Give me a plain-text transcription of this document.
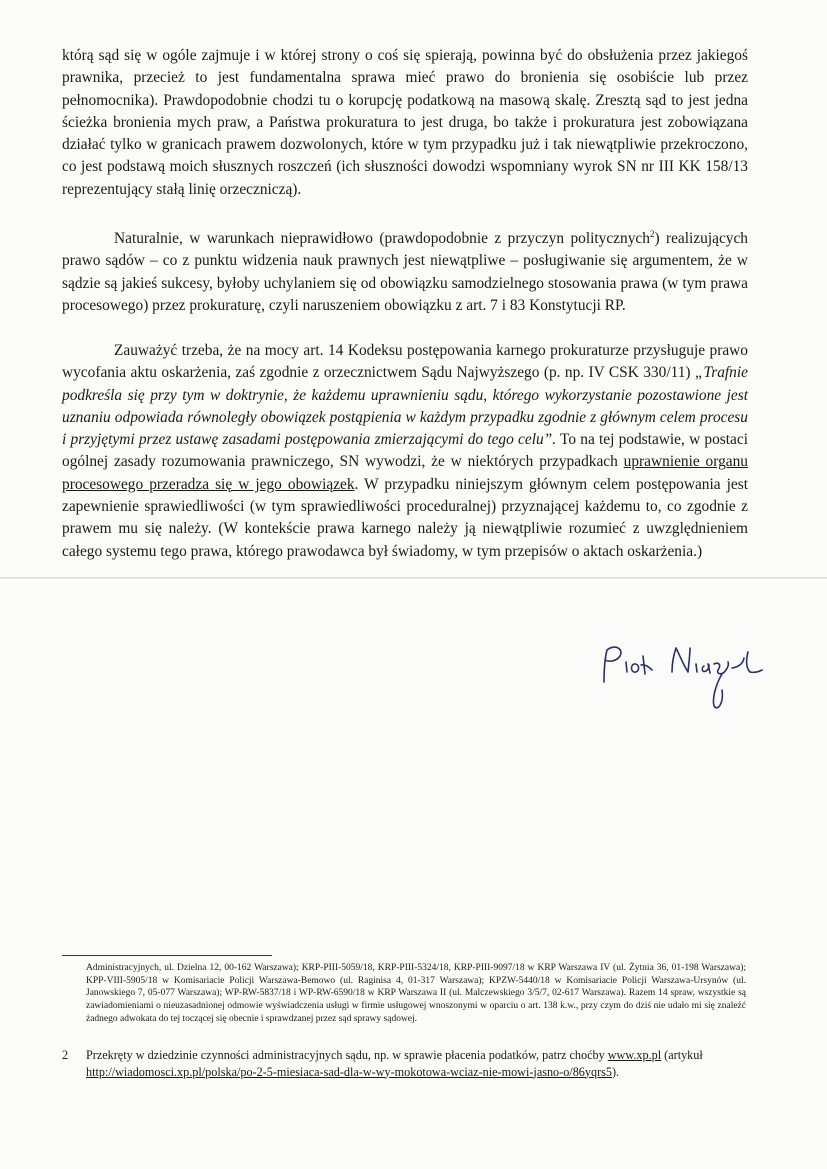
którą sąd się w ogóle zajmuje i w której strony o coś się spierają, powinna być do obsłużenia przez jakiegoś prawnika, przecież to jest fundamentalna sprawa mieć prawo do bronienia się osobiście lub przez pełnomocnika). Prawdopodobnie chodzi tu o korupcję podatkową na masową skalę. Zresztą sąd to jest jedna ścieżka bronienia mych praw, a Państwa prokuratura to jest druga, bo także i prokuratura jest zobowiązana działać tylko w granicach prawem dozwolonych, które w tym przypadku już i tak niewątpliwie przekroczono, co jest podstawą moich słusznych roszczeń (ich słuszności dowodzi wspomniany wyrok SN nr III KK 158/13 reprezentujący stałą linię orzeczniczą).

Naturalnie, w warunkach nieprawidłowo (prawdopodobnie z przyczyn politycznych$^2$) realizujących prawo sądów – co z punktu widzenia nauk prawnych jest niewątpliwe – posługiwanie się argumentem, że w sądzie są jakieś sukcesy, byłoby uchylaniem się od obowiązku samodzielnego stosowania prawa (w tym prawa procesowego) przez prokuraturę, czyli naruszeniem obowiązku z art. 7 i 83 Konstytucji RP.

Zauważyć trzeba, że na mocy art. 14 Kodeksu postępowania karnego prokuraturze przysługuje prawo wycofania aktu oskarżenia, zaś zgodnie z orzecznictwem Sądu Najwyższego (p. np. IV CSK 330/11) „Trafnie podkreśla się przy tym w doktrynie, że każdemu uprawnieniu sądu, którego wykorzystanie pozostawione jest uznaniu odpowiada równoległy obowiązek postąpienia w każdym przypadku zgodnie z głównym celem procesu i przyjętymi przez ustawę zasadami postępowania zmierzającymi do tego celu”. To na tej podstawie, w postaci ogólnej zasady rozumowania prawniczego, SN wywodzi, że w niektórych przypadkach uprawnienie organu procesowego przeradza się w jego obowiązek. W przypadku niniejszym głównym celem postępowania jest zapewnienie sprawiedliwości (w tym sprawiedliwości proceduralnej) przyznającej każdemu to, co zgodnie z prawem mu się należy. (W kontekście prawa karnego należy ją niewątpliwie rozumieć z uwzględnieniem całego systemu tego prawa, którego prawodawca był świadomy, w tym przepisów o aktach oskarżenia.)

Administracyjnych, ul. Dzielna 12, 00-162 Warszawa); KRP-PIII-5059/18, KRP-PIII-5324/18, KRP-PIII-9097/18 w KRP Warszawa IV (ul. Żytnia 36, 01-198 Warszawa); KPP-VIII-5905/18 w Komisariacie Policji Warszawa-Bemowo (ul. Raginisa 4, 01-317 Warszawa); KPZW-5440/18 w Komisariacie Policji Warszawa-Ursynów (ul. Janowskiego 7, 05-077 Warszawa); WP-RW-5837/18 i WP-RW-6590/18 w KRP Warszawa II (ul. Malczewskiego 3/5/7, 02-617 Warszawa). Razem 14 spraw, wszystkie są zawiadomieniami o nieuzasadnionej odmowie wyświadczenia usługi w firmie usługowej wnoszonymi w oparciu o art. 138 k.w., przy czym do dziś nie udało mi się znaleźć żadnego adwokata do tej toczącej się obecnie i sprawdzanej przez sąd sprawy sądowej.

2 Przekręty w dziedzinie czynności administracyjnych sądu, np. w sprawie płacenia podatków, patrz choćby www.xp.pl (artykuł http://wiadomosci.xp.pl/polska/po-2-5-miesiaca-sad-dla-w-wy-mokotowa-wciaz-nie-mowi-jasno-o/86yqrs5).
